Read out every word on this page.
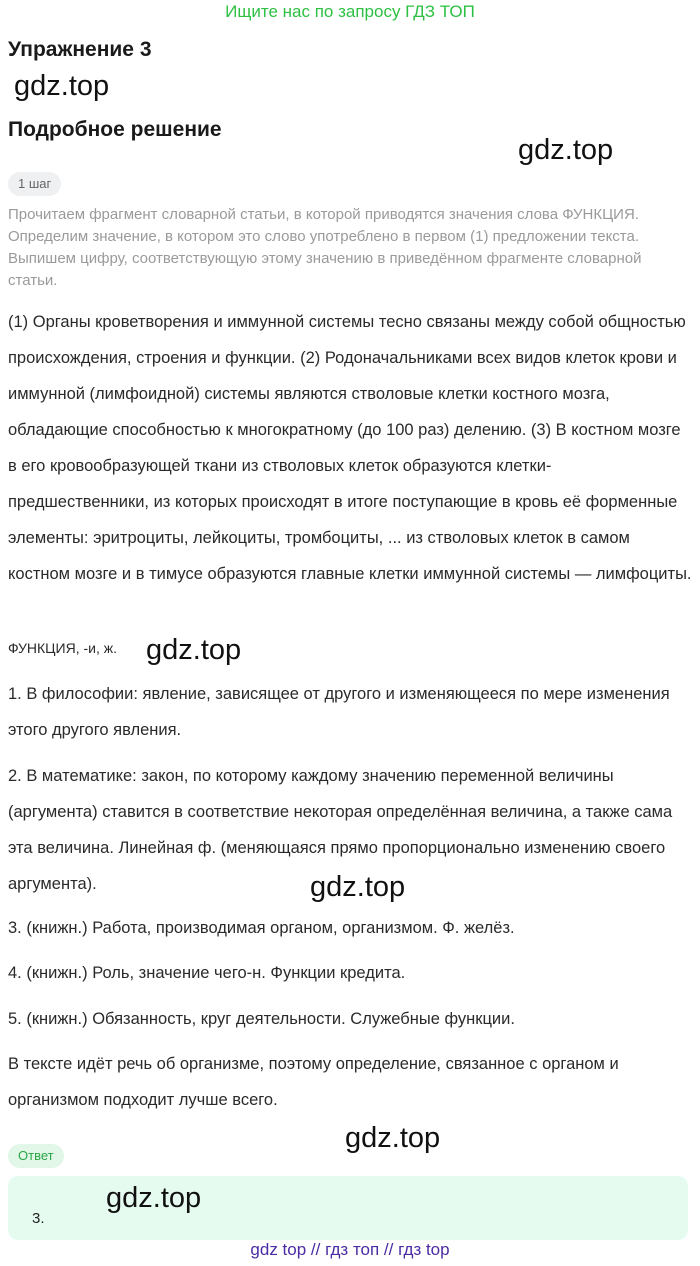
Ищите нас по запросу ГДЗ ТОП
Упражнение 3
gdz.top
Подробное решение
gdz.top
1 шаг
Прочитаем фрагмент словарной статьи, в которой приводятся значения слова ФУНКЦИЯ. Определим значение, в котором это слово употреблено в первом (1) предложении текста. Выпишем цифру, соответствующую этому значению в приведённом фрагменте словарной статьи.
(1) Органы кроветворения и иммунной системы тесно связаны между собой общностью происхождения, строения и функции. (2) Родоначальниками всех видов клеток крови и иммунной (лимфоидной) системы являются стволовые клетки костного мозга, обладающие способностью к многократному (до 100 раз) делению. (3) В костном мозге в его кровообразующей ткани из стволовых клеток образуются клетки-предшественники, из которых происходят в итоге поступающие в кровь её форменные элементы: эритроциты, лейкоциты, тромбоциты, ... из стволовых клеток в самом костном мозге и в тимусе образуются главные клетки иммунной системы — лимфоциты.
ФУНКЦИЯ, -и, ж. gdz.top
1. В философии: явление, зависящее от другого и изменяющееся по мере изменения этого другого явления.
2. В математике: закон, по которому каждому значению переменной величины (аргумента) ставится в соответствие некоторая определённая величина, а также сама эта величина. Линейная ф. (меняющаяся прямо пропорционально изменению своего аргумента).	gdz.top
3. (книжн.) Работа, производимая органом, организмом. Ф. желёз.
4. (книжн.) Роль, значение чего-н. Функции кредита.
5. (книжн.) Обязанность, круг деятельности. Служебные функции.
В тексте идёт речь об организме, поэтому определение, связанное с органом и организмом подходит лучше всего.
gdz.top
Ответ
3.
gdz.top
gdz top // гдз топ // гдз top
